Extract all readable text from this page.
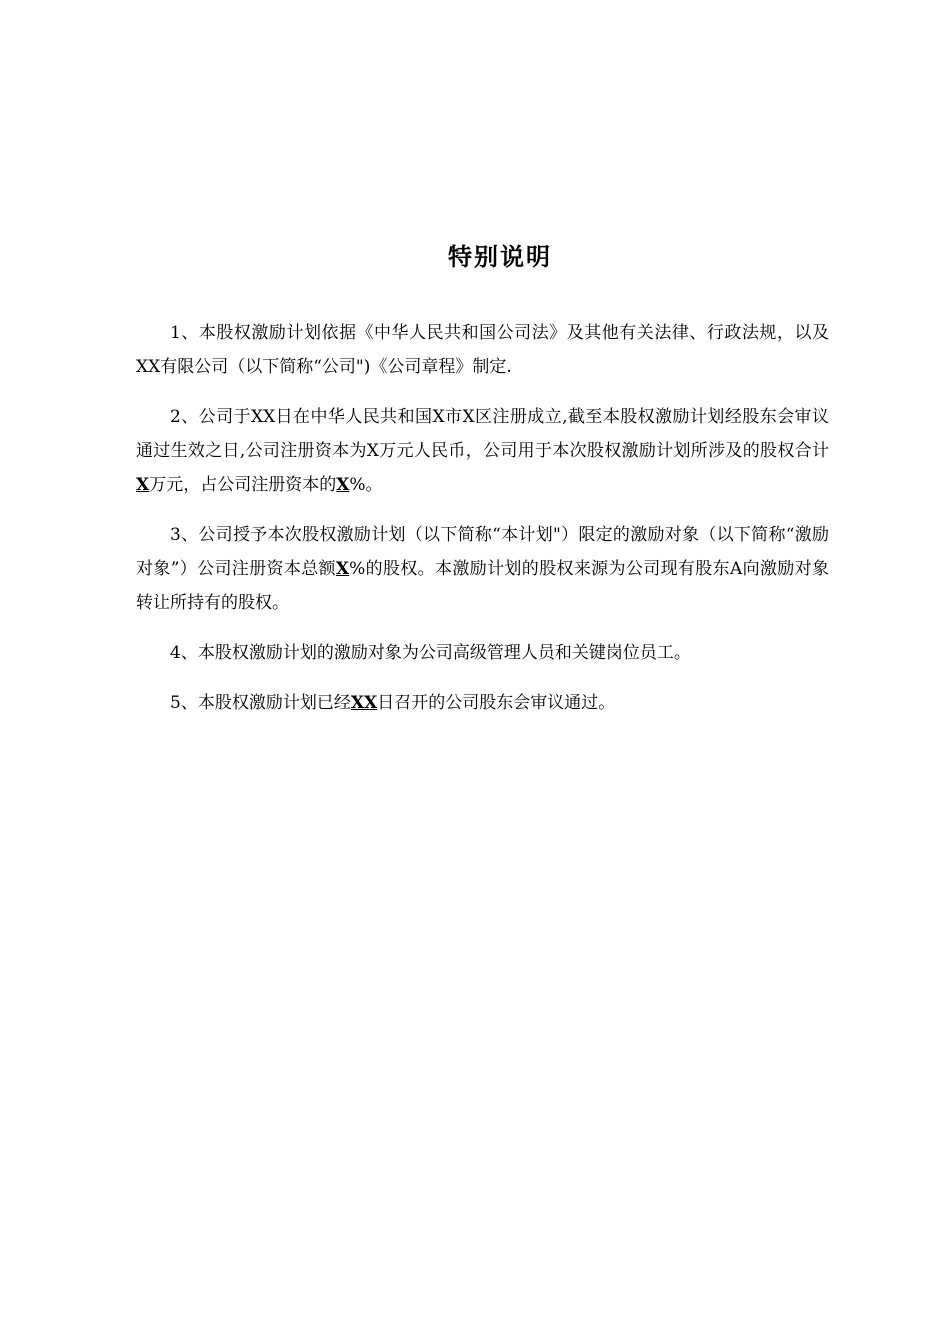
特别说明

1、本股权激励计划依据《中华人民共和国公司法》及其他有关法律、行政法规，以及XX有限公司（以下简称“公司")《公司章程》制定.

2、公司于XX日在中华人民共和国X市X区注册成立,截至本股权激励计划经股东会审议通过生效之日,公司注册资本为X万元人民币，公司用于本次股权激励计划所涉及的股权合计X万元，占公司注册资本的X%。

3、公司授予本次股权激励计划（以下简称“本计划"）限定的激励对象（以下简称“激励对象”）公司注册资本总额X%的股权。本激励计划的股权来源为公司现有股东A向激励对象转让所持有的股权。

4、本股权激励计划的激励对象为公司高级管理人员和关键岗位员工。

5、本股权激励计划已经XX日召开的公司股东会审议通过。
